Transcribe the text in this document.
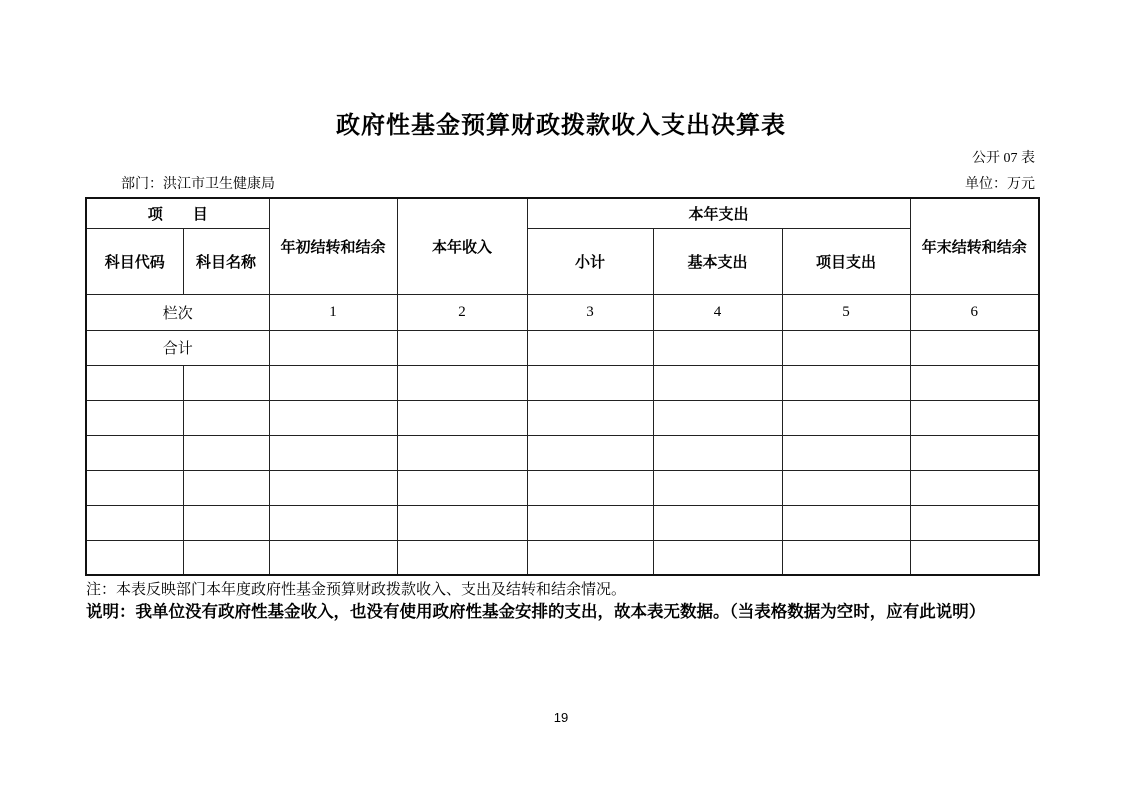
政府性基金预算财政拨款收入支出决算表
公开 07 表
部门：洪江市卫生健康局	单位：万元
项　　目		年初结转和结余	本年收入	本年支出			年末结转和结余
科目代码	科目名称			小计	基本支出	项目支出	
栏次		1	2	3	4	5	6
合计							

注：本表反映部门本年度政府性基金预算财政拨款收入、支出及结转和结余情况。
说明：我单位没有政府性基金收入，也没有使用政府性基金安排的支出，故本表无数据。（当表格数据为空时，应有此说明）
19
